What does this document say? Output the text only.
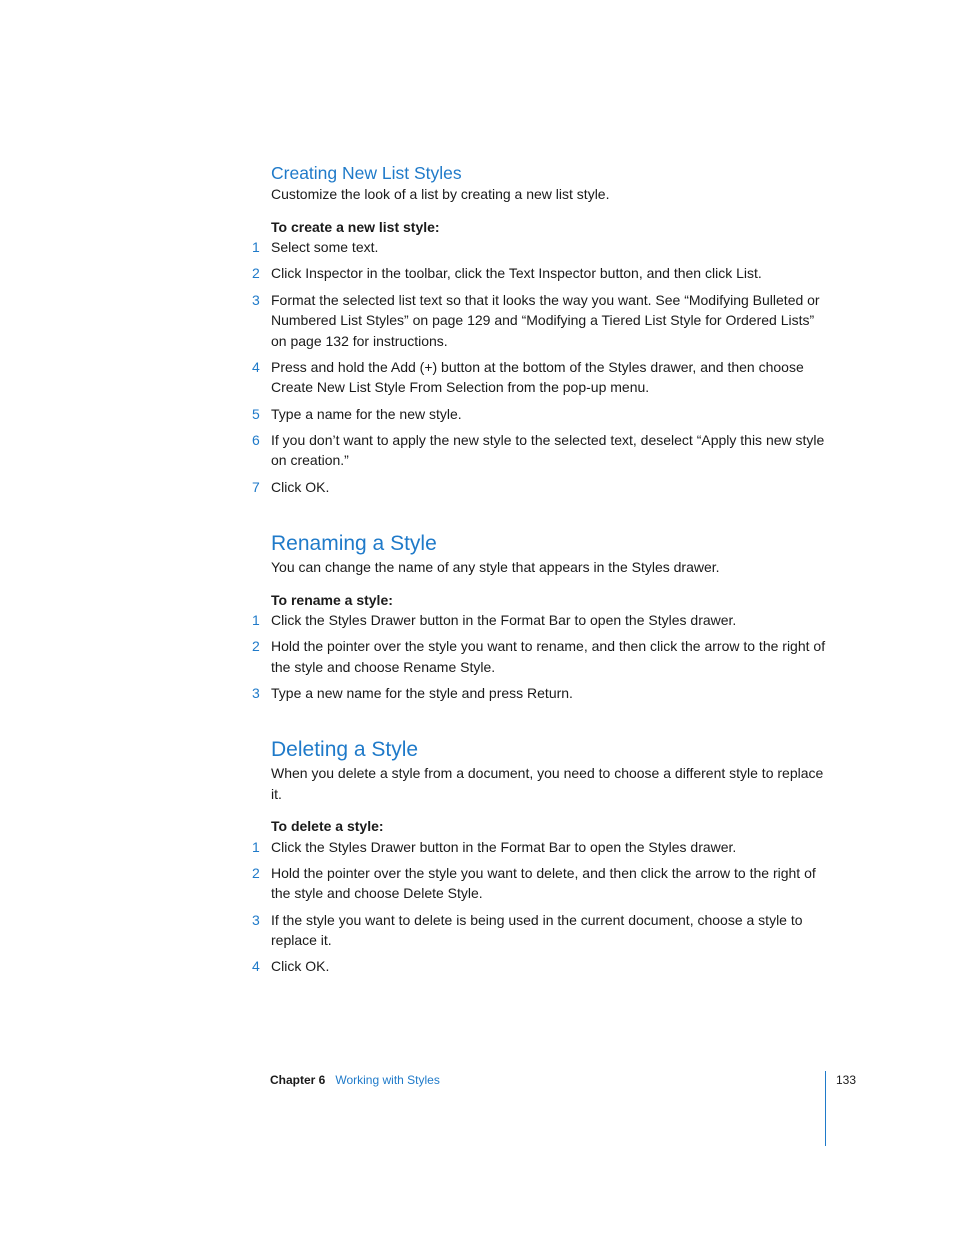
Creating New List Styles

Customize the look of a list by creating a new list style.

To create a new list style:

1 Select some text.
2 Click Inspector in the toolbar, click the Text Inspector button, and then click List.
3 Format the selected list text so that it looks the way you want. See “Modifying Bulleted or Numbered List Styles” on page 129 and “Modifying a Tiered List Style for Ordered Lists” on page 132 for instructions.
4 Press and hold the Add (+) button at the bottom of the Styles drawer, and then choose Create New List Style From Selection from the pop-up menu.
5 Type a name for the new style.
6 If you don’t want to apply the new style to the selected text, deselect “Apply this new style on creation.”
7 Click OK.
Renaming a Style

You can change the name of any style that appears in the Styles drawer.

To rename a style:

1 Click the Styles Drawer button in the Format Bar to open the Styles drawer.
2 Hold the pointer over the style you want to rename, and then click the arrow to the right of the style and choose Rename Style.
3 Type a new name for the style and press Return.
Deleting a Style

When you delete a style from a document, you need to choose a different style to replace it.

To delete a style:

1 Click the Styles Drawer button in the Format Bar to open the Styles drawer.
2 Hold the pointer over the style you want to delete, and then click the arrow to the right of the style and choose Delete Style.
3 If the style you want to delete is being used in the current document, choose a style to replace it.
4 Click OK.
Chapter 6 Working with Styles	133
